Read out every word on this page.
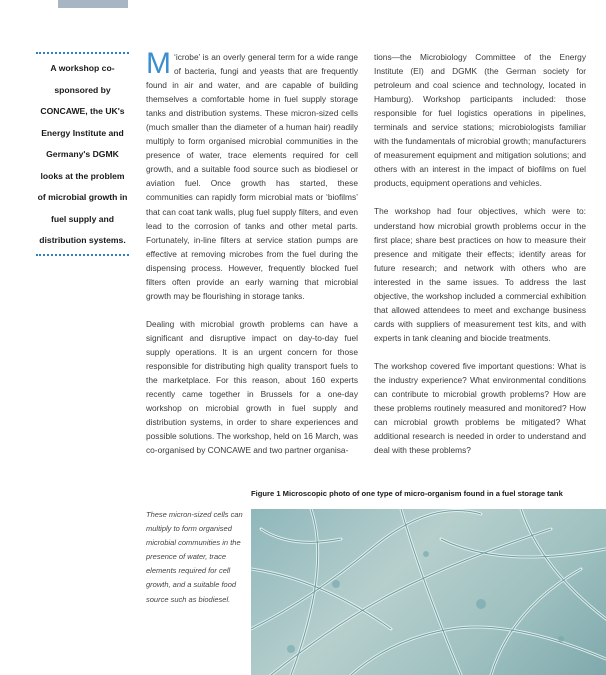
A workshop co-sponsored by CONCAWE, the UK's Energy Institute and Germany's DGMK looks at the problem of microbial growth in fuel supply and distribution systems.

‘
M icrobe’ is an overly general term for a wide range of bacteria, fungi and yeasts that are frequently found in air and water, and are capable of building themselves a comfortable home in fuel supply storage tanks and distribution systems. These micron-sized cells (much smaller than the diameter of a human hair) readily multiply to form organised microbial communities in the presence of water, trace elements required for cell growth, and a suitable food source such as biodiesel or aviation fuel. Once growth has started, these communities can rapidly form microbial mats or ‘biofilms’ that can coat tank walls, plug fuel supply filters, and even lead to the corrosion of tanks and other metal parts. Fortunately, in-line filters at service station pumps are effective at removing microbes from the fuel during the dispensing process. However, frequently blocked fuel filters often provide an early warning that microbial growth may be flourishing in storage tanks.

Dealing with microbial growth problems can have a significant and disruptive impact on day-to-day fuel supply operations. It is an urgent concern for those responsible for distributing high quality transport fuels to the marketplace. For this reason, about 160 experts recently came together in Brussels for a one-day workshop on microbial growth in fuel supply and distribution systems, in order to share experiences and possible solutions. The workshop, held on 16 March, was co-organised by CONCAWE and two partner organisa-

tions—the Microbiology Committee of the Energy Institute (EI) and DGMK (the German society for petroleum and coal science and technology, located in Hamburg). Workshop participants included: those responsible for fuel logistics operations in pipelines, terminals and service stations; microbiologists familiar with the fundamentals of microbial growth; manufacturers of measurement equipment and mitigation solutions; and others with an interest in the impact of biofilms on fuel products, equipment operations and vehicles.

The workshop had four objectives, which were to: understand how microbial growth problems occur in the first place; share best practices on how to measure their presence and mitigate their effects; identify areas for future research; and network with others who are interested in the same issues. To address the last objective, the workshop included a commercial exhibition that allowed attendees to meet and exchange business cards with suppliers of measurement test kits, and with experts in tank cleaning and biocide treatments.

The workshop covered five important questions: What is the industry experience? What environmental conditions can contribute to microbial growth problems? How are these problems routinely measured and monitored? How can microbial growth problems be mitigated? What additional research is needed in order to understand and deal with these problems?

Figure 1 Microscopic photo of one type of micro-organism found in a fuel storage tank
These micron-sized cells can multiply to form organised microbial communities in the presence of water, trace elements required for cell growth, and a suitable food source such as biodiesel.
